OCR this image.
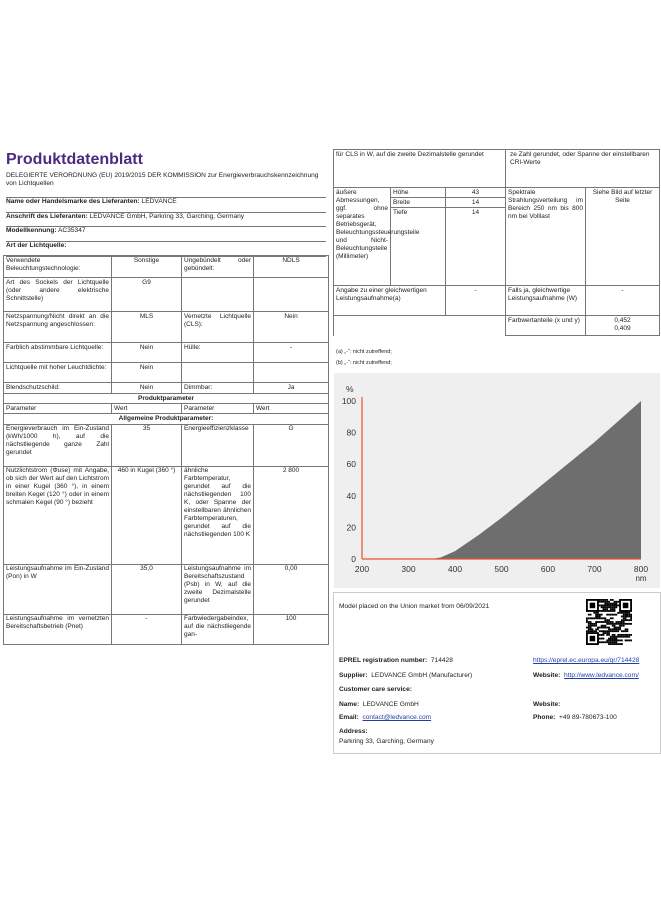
Produktdatenblatt
DELEGIERTE VERORDNUNG (EU) 2019/2015 DER KOMMISSION zur Energieverbrauchskennzeichnung von Lichtquellen
Name oder Handelsmarke des Lieferanten: LEDVANCE
Anschrift des Lieferanten: LEDVANCE GmbH, Parkring 33, Garching, Germany
Modellkennung: AC35347
Art der Lichtquelle:
Verwendete Beleuchtungstechnologie:	Sonstige	Ungebündelt oder gebündelt:	NDLS
Art des Sockels der Lichtquelle (oder andere elektrische Schnittstelle)	G9		
Netzspannung/Nicht direkt an die Netzspannung angeschlossen:	MLS	Vernetzte Lichtquelle (CLS):	Nein
Farblich abstimmbare Lichtquelle:	Nein	Hülle:	-
Lichtquelle mit hoher Leuchtdichte:	Nein		
Blendschutzschild:	Nein	Dimmbar:	Ja
Produktparameter			
Parameter	Wert	Parameter	Wert
Allgemeine Produktparameter:			
Energieverbrauch im Ein-Zustand (kWh/1000 h), auf die nächstliegende ganze Zahl gerundet	35	Energieeffizienzklasse	G
Nutzlichtstrom (Φuse) mit Angabe, ob sich der Wert auf den Lichtstrom in einer Kugel (360 °), in einem breiten Kegel (120 °) oder in einem schmalen Kegel (90 °) bezieht	460 in Kugel (360 °)	ähnliche Farbtemperatur, gerundet auf die nächstliegenden 100 K, oder Spanne der einstellbaren ähnlichen Farbtemperaturen, gerundet auf die nächstliegenden 100 K	2 800
Leistungsaufnahme im Ein-Zustand (Pon) in W	35,0	Leistungsaufnahme im Bereitschaftszustand (Psb) in W, auf die zweite Dezimalstelle gerundet	0,00
Leistungsaufnahme im vernetzten Bereitschaftsbetrieb (Pnet)	-	Farbwiedergabeindex, auf die nächstliegende gan-	100
für CLS in W, auf die zweite Dezimalstelle gerundet			ze Zahl gerundet, oder Spanne der einstellbaren CRI-Werte	
äußere Abmessungen, ggf. ohne separates Betriebsgerät, Beleuchtungssteuerungsteile und Nicht-Beleuchtungsteile (Millimeter)	Höhe	43	Spektrale Strahlungsverteilung im Bereich 250 nm bis 800 nm bei Volllast	Siehe Bild auf letzter Seite
	Breite	14		
	Tiefe	14		
Angabe zu einer gleichwertigen Leistungsaufnahme(a)		-	Falls ja, gleichwertige Leistungsaufnahme (W)	-
			Farbwertanteile (x und y)	0,452
0,409
(a) „-“: nicht zutreffend;
(b) „-“: nicht zutreffend;
0
20
40
60
80
100
200	300	400	500	600	700	800
%
nm
Model placed on the Union market from 06/09/2021
EPREL registration number: 714428	https://eprel.ec.europa.eu/qr/714428
Supplier: LEDVANCE GmbH (Manufacturer)	Website: http://www.ledvance.com/
Customer care service:
Name: LEDVANCE GmbH	Website:
Email: contact@ledvance.com	Phone: +49 89-780673-100
Address:
Parkring 33, Garching, Germany
